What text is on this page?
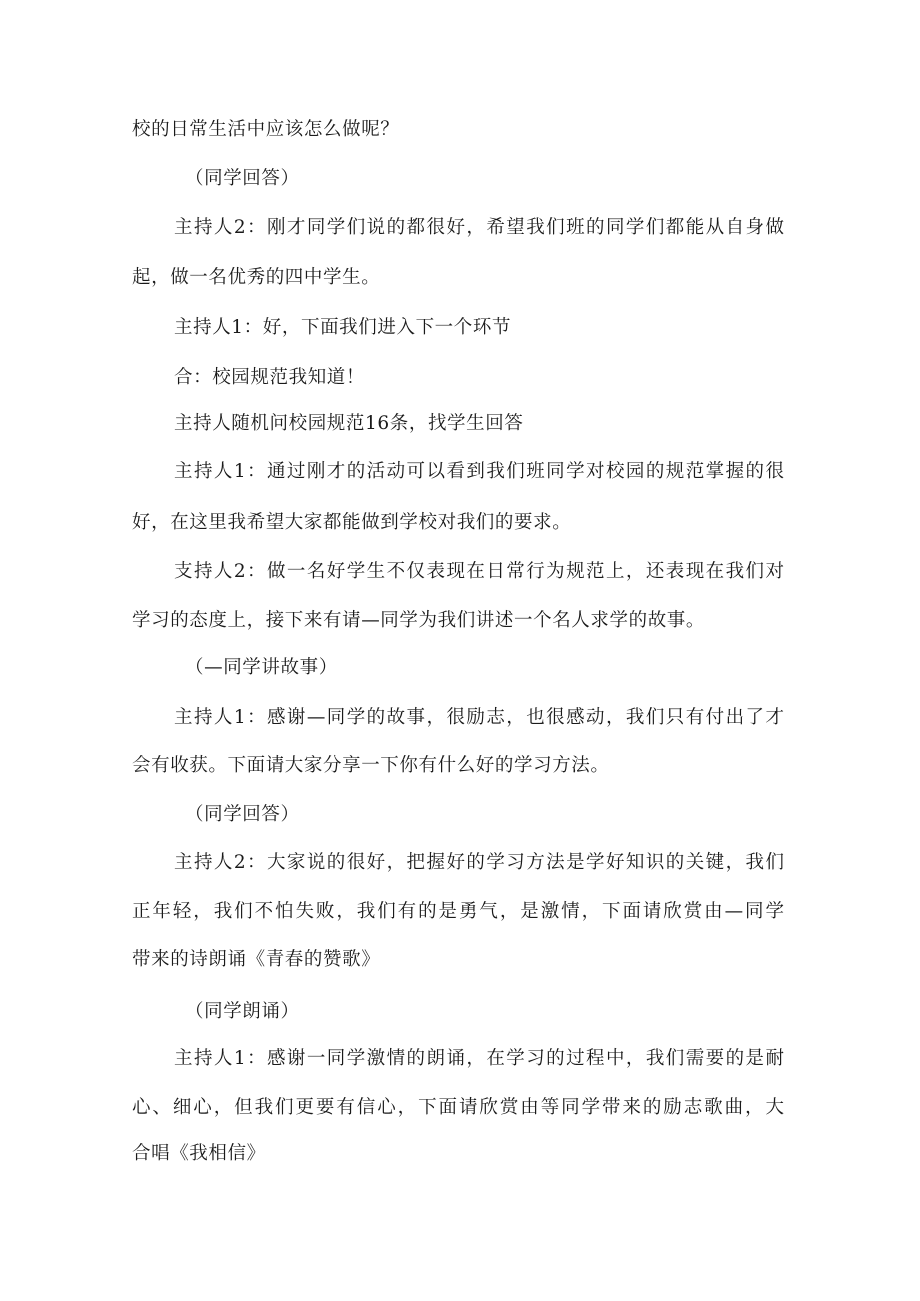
校的日常生活中应该怎么做呢？
（同学回答）
主持人2：刚才同学们说的都很好，希望我们班的同学们都能从自身做
起，做一名优秀的四中学生。
主持人1：好，下面我们进入下一个环节
合：校园规范我知道！
主持人随机问校园规范16条，找学生回答
主持人1：通过刚才的活动可以看到我们班同学对校园的规范掌握的很
好，在这里我希望大家都能做到学校对我们的要求。
支持人2：做一名好学生不仅表现在日常行为规范上，还表现在我们对
学习的态度上，接下来有请—同学为我们讲述一个名人求学的故事。
（—同学讲故事）
主持人1：感谢—同学的故事，很励志，也很感动，我们只有付出了才
会有收获。下面请大家分享一下你有什么好的学习方法。
（同学回答）
主持人2：大家说的很好，把握好的学习方法是学好知识的关键，我们
正年轻，我们不怕失败，我们有的是勇气，是激情，下面请欣赏由—同学
带来的诗朗诵《青春的赞歌》
（同学朗诵）
主持人1：感谢一同学激情的朗诵，在学习的过程中，我们需要的是耐
心、细心，但我们更要有信心，下面请欣赏由等同学带来的励志歌曲，大
合唱《我相信》
